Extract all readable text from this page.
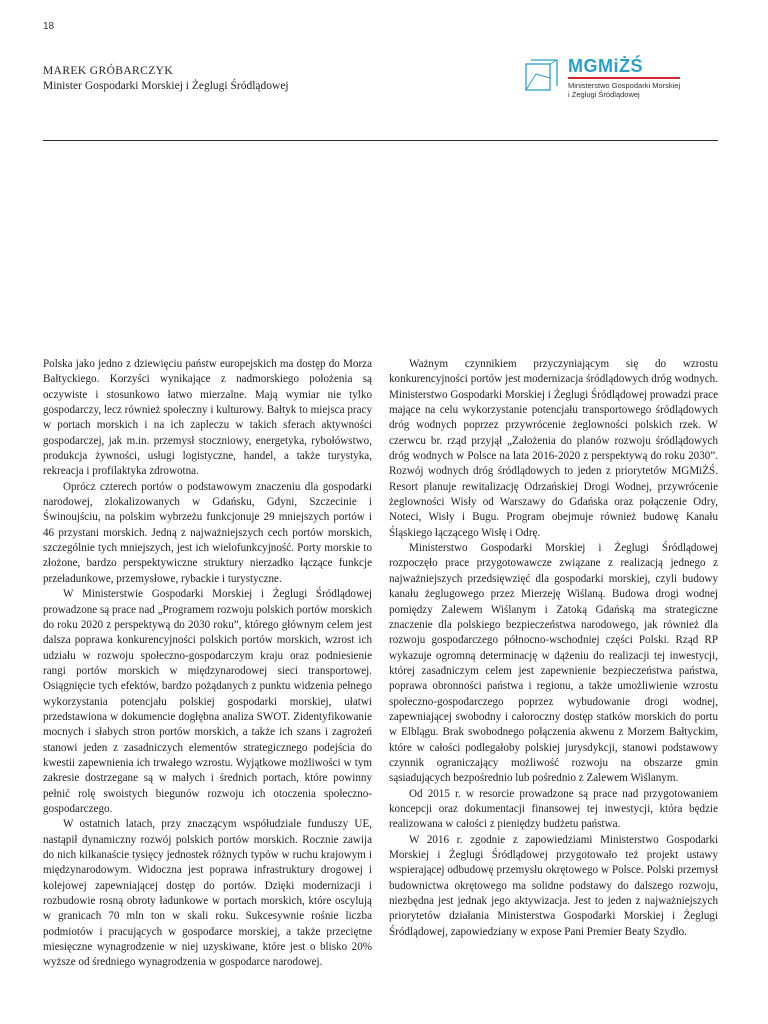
18
MAREK GRÓBARCZYK
Minister Gospodarki Morskiej i Żeglugi Śródlądowej
MGMiŻŚ
Ministerstwo Gospodarki Morskiej
i Żeglugi Śródlądowej

Polska jako jedno z dziewięciu państw europejskich ma dostęp do Morza Bałtyckiego. Korzyści wynikające z nadmorskiego położenia są oczywiste i stosunkowo łatwo mierzalne. Mają wymiar nie tylko gospodarczy, lecz również społeczny i kulturowy. Bałtyk to miejsca pracy w portach morskich i na ich zapleczu w takich sferach aktywności gospodarczej, jak m.in. przemysł stoczniowy, energetyka, rybołówstwo, produkcja żywności, usługi logistyczne, handel, a także turystyka, rekreacja i profilaktyka zdrowotna.

Oprócz czterech portów o podstawowym znaczeniu dla gospodarki narodowej, zlokalizowanych w Gdańsku, Gdyni, Szczecinie i Świnoujściu, na polskim wybrzeżu funkcjonuje 29 mniejszych portów i 46 przystani morskich. Jedną z najważniejszych cech portów morskich, szczególnie tych mniejszych, jest ich wielofunkcyjność. Porty morskie to złożone, bardzo perspektywiczne struktury nierzadko łączące funkcje przeładunkowe, przemysłowe, rybackie i turystyczne.

W Ministerstwie Gospodarki Morskiej i Żeglugi Śródlądowej prowadzone są prace nad „Programem rozwoju polskich portów morskich do roku 2020 z perspektywą do 2030 roku”, którego głównym celem jest dalsza poprawa konkurencyjności polskich portów morskich, wzrost ich udziału w rozwoju społeczno-gospodarczym kraju oraz podniesienie rangi portów morskich w międzynarodowej sieci transportowej. Osiągnięcie tych efektów, bardzo pożądanych z punktu widzenia pełnego wykorzystania potencjału polskiej gospodarki morskiej, ułatwi przedstawiona w dokumencie dogłębna analiza SWOT. Zidentyfikowanie mocnych i słabych stron portów morskich, a także ich szans i zagrożeń stanowi jeden z zasadniczych elementów strategicznego podejścia do kwestii zapewnienia ich trwałego wzrostu. Wyjątkowe możliwości w tym zakresie dostrzegane są w małych i średnich portach, które powinny pełnić rolę swoistych biegunów rozwoju ich otoczenia społeczno-gospodarczego.

W ostatnich latach, przy znaczącym współudziale funduszy UE, nastąpił dynamiczny rozwój polskich portów morskich. Rocznie zawija do nich kilkanaście tysięcy jednostek różnych typów w ruchu krajowym i międzynarodowym. Widoczna jest poprawa infrastruktury drogowej i kolejowej zapewniającej dostęp do portów. Dzięki modernizacji i rozbudowie rosną obroty ładunkowe w portach morskich, które oscylują w granicach 70 mln ton w skali roku. Sukcesywnie rośnie liczba podmiotów i pracujących w gospodarce morskiej, a także przeciętne miesięczne wynagrodzenie w niej uzyskiwane, które jest o blisko 20% wyższe od średniego wynagrodzenia w gospodarce narodowej.

Ważnym czynnikiem przyczyniającym się do wzrostu konkurencyjności portów jest modernizacja śródlądowych dróg wodnych. Ministerstwo Gospodarki Morskiej i Żeglugi Śródlądowej prowadzi prace mające na celu wykorzystanie potencjału transportowego śródlądowych dróg wodnych poprzez przywrócenie żeglowności polskich rzek. W czerwcu br. rząd przyjął „Założenia do planów rozwoju śródlądowych dróg wodnych w Polsce na lata 2016-2020 z perspektywą do roku 2030”. Rozwój wodnych dróg śródlądowych to jeden z priorytetów MGMiŻŚ. Resort planuje rewitalizację Odrzańskiej Drogi Wodnej, przywrócenie żeglowności Wisły od Warszawy do Gdańska oraz połączenie Odry, Noteci, Wisły i Bugu. Program obejmuje również budowę Kanału Śląskiego łączącego Wisłę i Odrę.

Ministerstwo Gospodarki Morskiej i Żeglugi Śródlądowej rozpoczęło prace przygotowawcze związane z realizacją jednego z najważniejszych przedsięwzięć dla gospodarki morskiej, czyli budowy kanału żeglugowego przez Mierzeję Wiślaną. Budowa drogi wodnej pomiędzy Zalewem Wiślanym i Zatoką Gdańską ma strategiczne znaczenie dla polskiego bezpieczeństwa narodowego, jak również dla rozwoju gospodarczego północno-wschodniej części Polski. Rząd RP wykazuje ogromną determinację w dążeniu do realizacji tej inwestycji, której zasadniczym celem jest zapewnienie bezpieczeństwa państwa, poprawa obronności państwa i regionu, a także umożliwienie wzrostu społeczno-gospodarczego poprzez wybudowanie drogi wodnej, zapewniającej swobodny i całoroczny dostęp statków morskich do portu w Elblągu. Brak swobodnego połączenia akwenu z Morzem Bałtyckim, które w całości podlegałoby polskiej jurysdykcji, stanowi podstawowy czynnik ograniczający możliwość rozwoju na obszarze gmin sąsiadujących bezpośrednio lub pośrednio z Zalewem Wiślanym.

Od 2015 r. w resorcie prowadzone są prace nad przygotowaniem koncepcji oraz dokumentacji finansowej tej inwestycji, która będzie realizowana w całości z pieniędzy budżetu państwa.

W 2016 r. zgodnie z zapowiedziami Ministerstwo Gospodarki Morskiej i Żeglugi Śródlądowej przygotowało też projekt ustawy wspierającej odbudowę przemysłu okrętowego w Polsce. Polski przemysł budownictwa okrętowego ma solidne podstawy do dalszego rozwoju, niezbędna jest jednak jego aktywizacja. Jest to jeden z najważniejszych priorytetów działania Ministerstwa Gospodarki Morskiej i Żeglugi Śródlądowej, zapowiedziany w expose Pani Premier Beaty Szydło.
